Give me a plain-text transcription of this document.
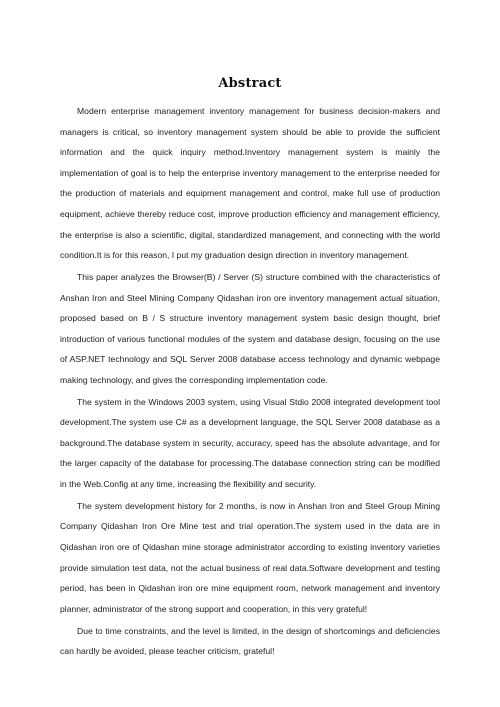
Abstract

Modern enterprise management inventory management for business decision-makers and managers is critical, so inventory management system should be able to provide the sufficient information and the quick inquiry method.Inventory management system is mainly the implementation of goal is to help the enterprise inventory management to the enterprise needed for the production of materials and equipment management and control, make full use of production equipment, achieve thereby reduce cost, improve production efficiency and management efficiency, the enterprise is also a scientific, digital, standardized management, and connecting with the world condition.It is for this reason, I put my graduation design direction in inventory management.

This paper analyzes the Browser(B) / Server (S) structure combined with the characteristics of Anshan Iron and Steel Mining Company Qidashan iron ore inventory management actual situation, proposed based on B / S structure inventory management system basic design thought, brief introduction of various functional modules of the system and database design, focusing on the use of ASP.NET technology and SQL Server 2008 database access technology and dynamic webpage making technology, and gives the corresponding implementation code.

The system in the Windows 2003 system, using Visual Stdio 2008 integrated development tool development.The system use C# as a development language, the SQL Server 2008 database as a background.The database system in security, accuracy, speed has the absolute advantage, and for the larger capacity of the database for processing.The database connection string can be modified in the Web.Config at any time, increasing the flexibility and security.

The system development history for 2 months, is now in Anshan Iron and Steel Group Mining Company Qidashan Iron Ore Mine test and trial operation.The system used in the data are in Qidashan iron ore of Qidashan mine storage administrator according to existing inventory varieties provide simulation test data, not the actual business of real data.Software development and testing period, has been in Qidashan iron ore mine equipment room, network management and inventory planner, administrator of the strong support and cooperation, in this very grateful!

Due to time constraints, and the level is limited, in the design of shortcomings and deficiencies can hardly be avoided, please teacher criticism, grateful!
